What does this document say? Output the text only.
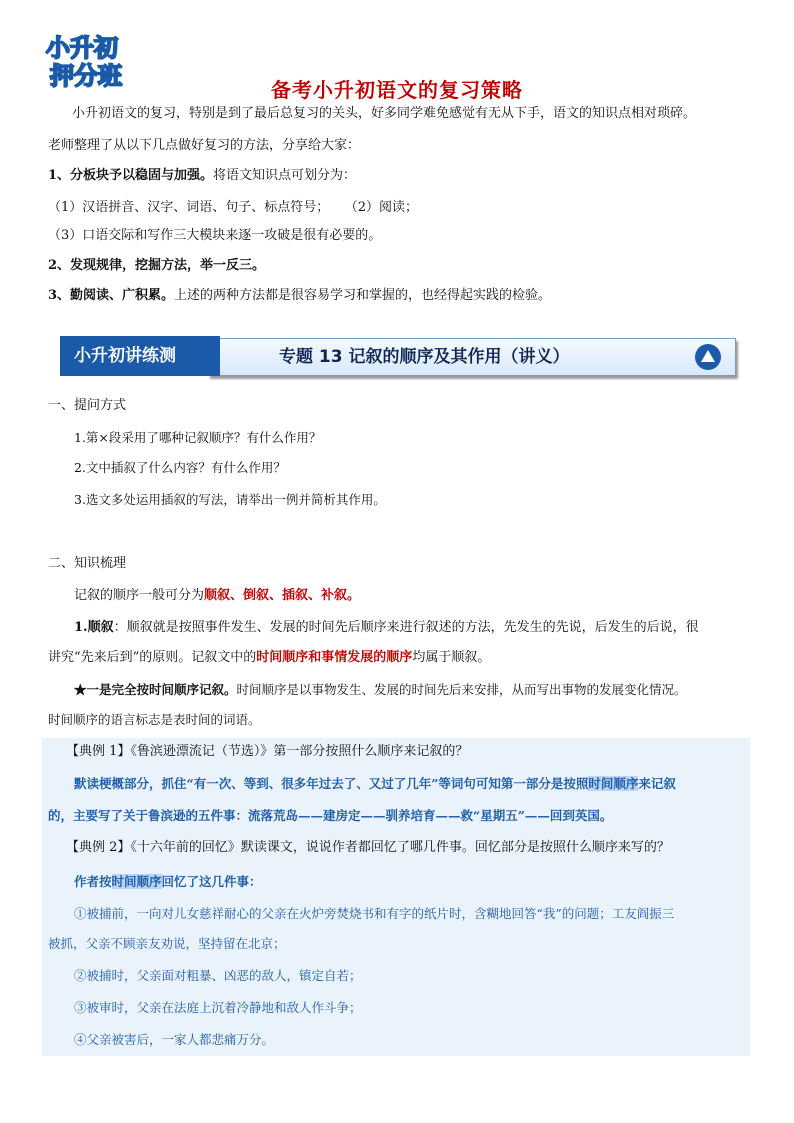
小升初
押分班	备考小升初语文的复习策略
小升初语文的复习，特别是到了最后总复习的关头，好多同学难免感觉有无从下手，语文的知识点相对琐碎。
老师整理了从以下几点做好复习的方法，分享给大家：
1、分板块予以稳固与加强。将语文知识点可划分为：
（1）汉语拼音、汉字、词语、句子、标点符号； （2）阅读；
（3）口语交际和写作三大模块来逐一攻破是很有必要的。
2、发现规律，挖掘方法，举一反三。
3、勤阅读、广积累。上述的两种方法都是很容易学习和掌握的，也经得起实践的检验。
专题 13 记叙的顺序及其作用（讲义）
小升初讲练测
一、提问方式
1.第×段采用了哪种记叙顺序？有什么作用？
2.文中插叙了什么内容？有什么作用？
3.选文多处运用插叙的写法，请举出一例并简析其作用。
二、知识梳理
记叙的顺序一般可分为顺叙、倒叙、插叙、补叙。
1.顺叙：顺叙就是按照事件发生、发展的时间先后顺序来进行叙述的方法，先发生的先说，后发生的后说，很
讲究“先来后到”的原则。记叙文中的时间顺序和事情发展的顺序均属于顺叙。
★一是完全按时间顺序记叙。时间顺序是以事物发生、发展的时间先后来安排，从而写出事物的发展变化情况。
时间顺序的语言标志是表时间的词语。
【典例 1】《鲁滨逊漂流记（节选）》第一部分按照什么顺序来记叙的？
默读梗概部分，抓住“有一次、等到、很多年过去了、又过了几年”等词句可知第一部分是按照时间顺序来记叙
的，主要写了关于鲁滨逊的五件事：流落荒岛——建房定——驯养培育——救“星期五”——回到英国。
【典例 2】《十六年前的回忆》默读课文，说说作者都回忆了哪几件事。回忆部分是按照什么顺序来写的？
作者按时间顺序回忆了这几件事：
①被捕前，一向对儿女慈祥耐心的父亲在火炉旁焚烧书和有字的纸片时，含糊地回答“我”的问题；工友阎振三
被抓，父亲不顾亲友劝说，坚持留在北京；
②被捕时，父亲面对粗暴、凶恶的敌人，镇定自若；
③被审时，父亲在法庭上沉着冷静地和敌人作斗争；
④父亲被害后，一家人都悲痛万分。
